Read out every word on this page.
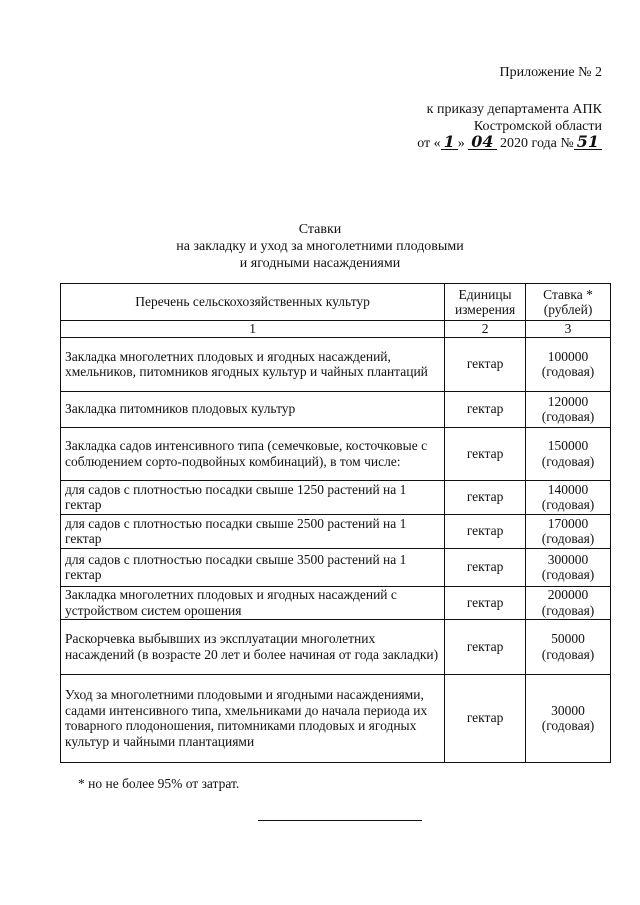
Приложение № 2
к приказу департамента АПК
Костромской области
от « 1 » 04 2020 года № 51
Ставки
на закладку и уход за многолетними плодовыми
и ягодными насаждениями
Перечень сельскохозяйственных культур	Единицы измерения	Ставка * (рублей)
1	2	3
Закладка многолетних плодовых и ягодных насаждений, хмельников, питомников ягодных культур и чайных плантаций	гектар	100000
(годовая)
Закладка питомников плодовых культур	гектар	120000
(годовая)
Закладка садов интенсивного типа (семечковые, косточковые с соблюдением сорто-подвойных комбинаций), в том числе:	гектар	150000
(годовая)
для садов с плотностью посадки свыше 1250 растений на 1 гектар	гектар	140000
(годовая)
для садов с плотностью посадки свыше 2500 растений на 1 гектар	гектар	170000
(годовая)
для садов с плотностью посадки свыше 3500 растений на 1 гектар	гектар	300000
(годовая)
Закладка многолетних плодовых и ягодных насаждений с устройством систем орошения	гектар	200000
(годовая)
Раскорчевка выбывших из эксплуатации многолетних насаждений (в возрасте 20 лет и более начиная от года закладки)	гектар	50000
(годовая)
Уход за многолетними плодовыми и ягодными насаждениями, садами интенсивного типа, хмельниками до начала периода их товарного плодоношения, питомниками плодовых и ягодных культур и чайными плантациями	гектар	30000
(годовая)
* но не более 95% от затрат.
